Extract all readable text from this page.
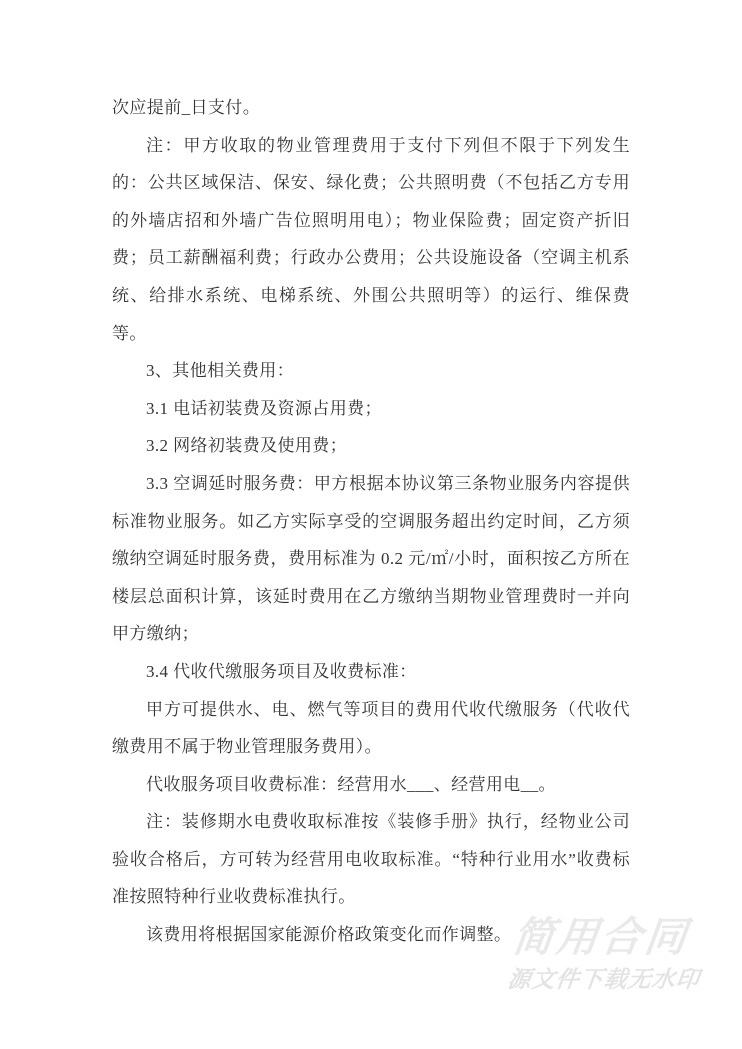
次应提前_日支付。

注：甲方收取的物业管理费用于支付下列但不限于下列发生的：公共区域保洁、保安、绿化费；公共照明费（不包括乙方专用的外墙店招和外墙广告位照明用电）；物业保险费；固定资产折旧费；员工薪酬福利费；行政办公费用；公共设施设备（空调主机系统、给排水系统、电梯系统、外围公共照明等）的运行、维保费等。

3、其他相关费用：

3.1 电话初装费及资源占用费；

3.2 网络初装费及使用费；

3.3 空调延时服务费：甲方根据本协议第三条物业服务内容提供标准物业服务。如乙方实际享受的空调服务超出约定时间，乙方须缴纳空调延时服务费，费用标准为 0.2 元/㎡/小时，面积按乙方所在楼层总面积计算，该延时费用在乙方缴纳当期物业管理费时一并向甲方缴纳；

3.4 代收代缴服务项目及收费标准：

甲方可提供水、电、燃气等项目的费用代收代缴服务（代收代缴费用不属于物业管理服务费用）。

代收服务项目收费标准：经营用水___、经营用电__。

注：装修期水电费收取标准按《装修手册》执行，经物业公司验收合格后，方可转为经营用电收取标准。“特种行业用水”收费标准按照特种行业收费标准执行。

该费用将根据国家能源价格政策变化而作调整。

简用合同
源文件下载无水印
